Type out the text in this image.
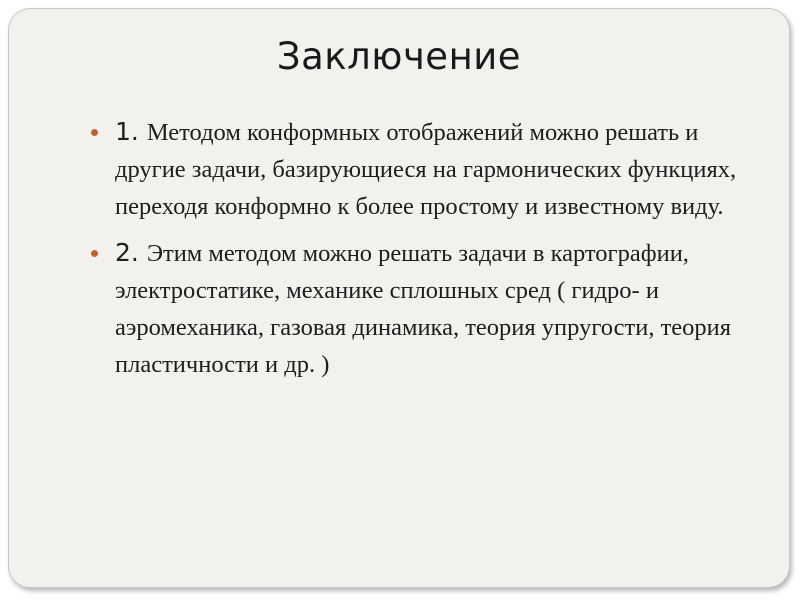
Заключение
1. Методом конформных отображений можно решать и другие задачи, базирующиеся на гармонических функциях, переходя конформно к более простому и известному виду.
2. Этим методом можно решать задачи в картографии, электростатике, механике сплошных сред ( гидро- и аэромеханика, газовая динамика, теория упругости, теория пластичности и др. )
